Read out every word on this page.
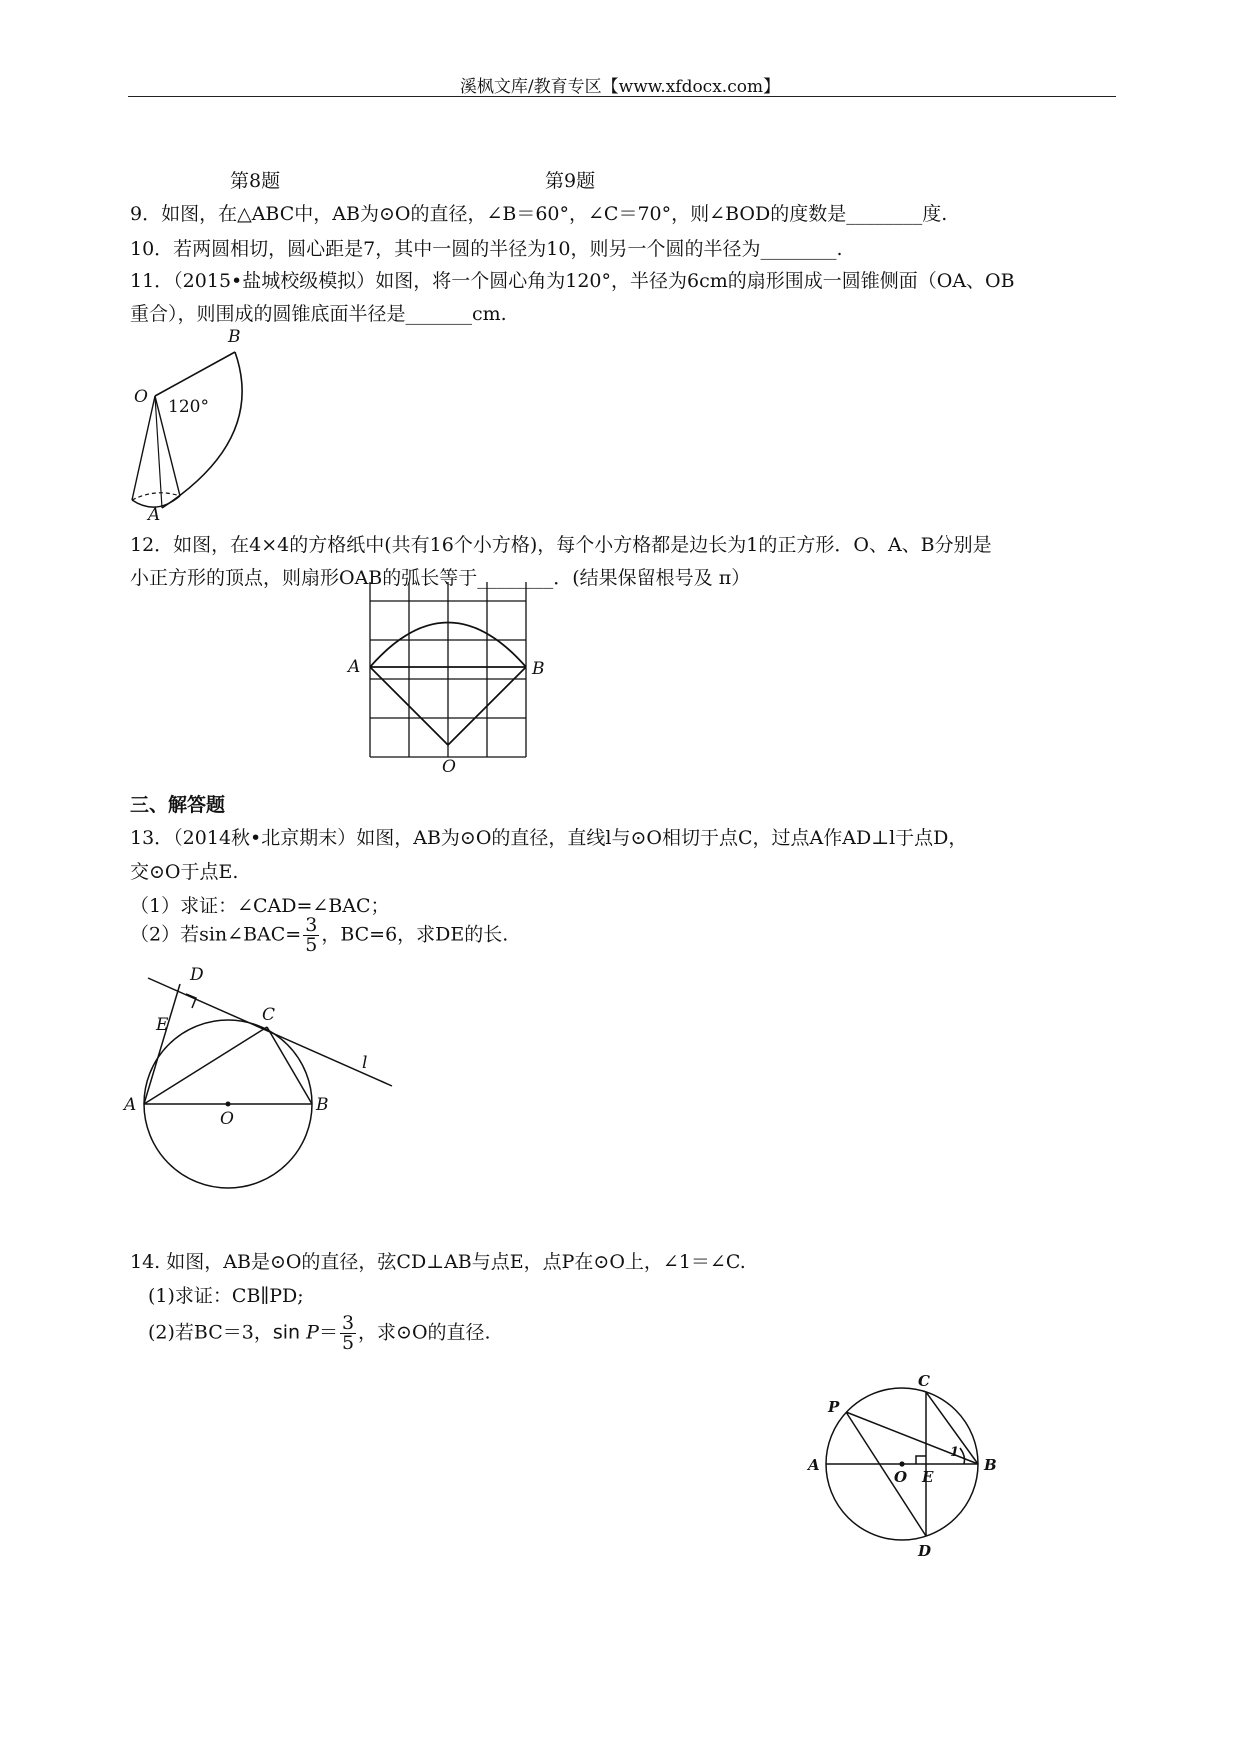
溪枫文库/教育专区【www.xfdocx.com】
第8题	第9题
9．如图，在△ABC中，AB为⊙O的直径，∠B＝60°，∠C＝70°，则∠BOD的度数是________度.
10．若两圆相切，圆心距是7，其中一圆的半径为10，则另一个圆的半径为________.
11．（2015•盐城校级模拟）如图，将一个圆心角为120°，半径为6cm的扇形围成一圆锥侧面（OA、OB
重合），则围成的圆锥底面半径是_______cm.
O
B
A
120°
12．如图，在4×4的方格纸中(共有16个小方格)，每个小方格都是边长为1的正方形．O、A、B分别是
小正方形的顶点，则扇形OAB的弧长等于________．(结果保留根号及 π）
A	B
O
三、解答题
13．（2014秋•北京期末）如图，AB为⊙O的直径，直线l与⊙O相切于点C，过点A作AD⊥l于点D，
交⊙O于点E.
（1）求证：∠CAD=∠BAC；
（2）若sin∠BAC= $\frac{3}{5}$ ，BC=6，求DE的长.
D
E	C
A
O
B
l
14. 如图，AB是⊙O的直径，弦CD⊥AB与点E，点P在⊙O上，∠1＝∠C.
(1)求证：CB∥PD;
(2)若BC＝3，$\sin P= \frac{3}{5}$ ，求⊙O的直径.
C
P
A
O E
B
D
1
